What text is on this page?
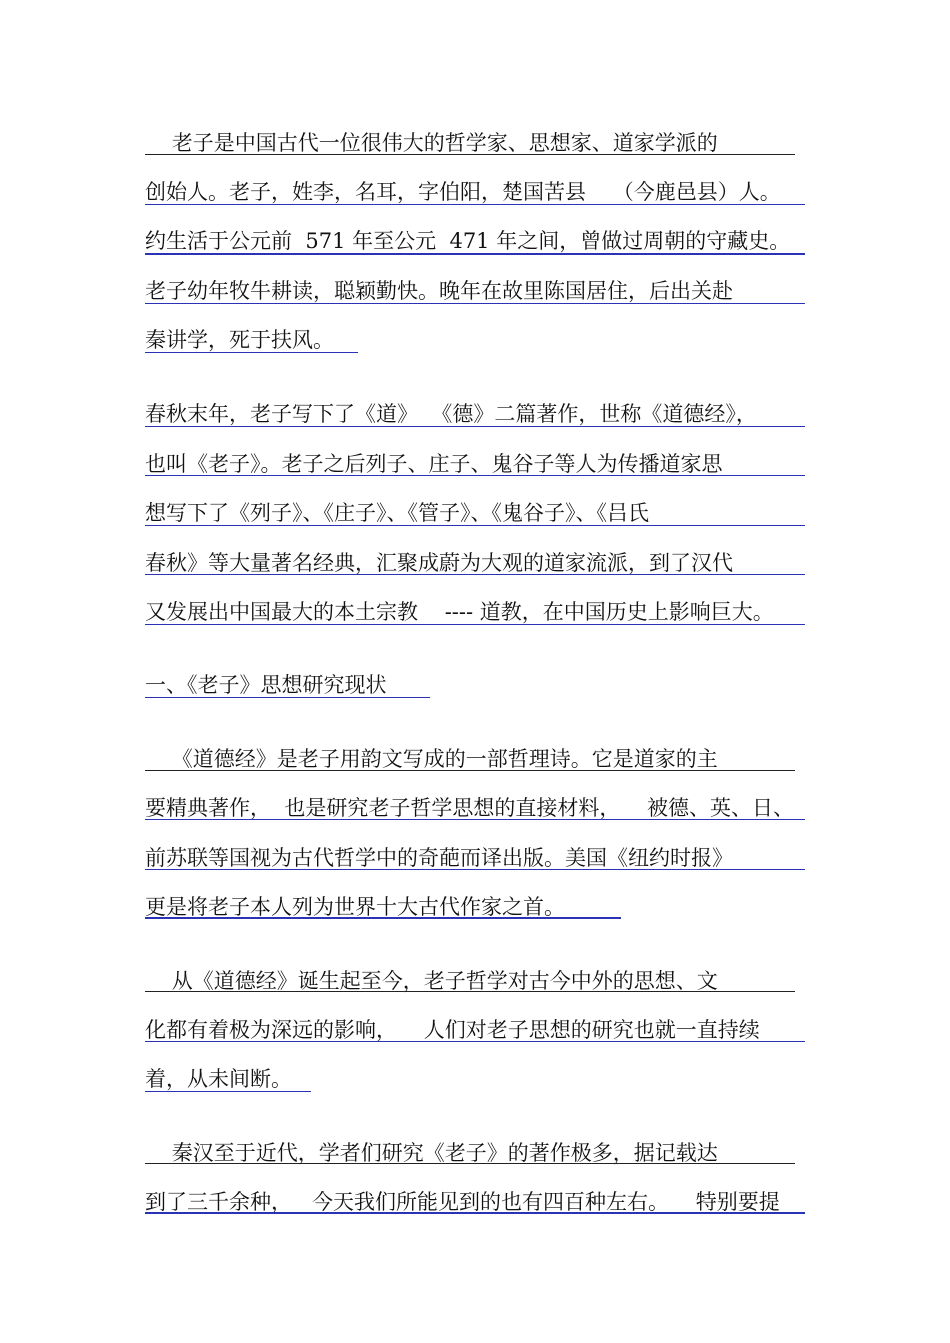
老子是中国古代一位很伟大的哲学家、思想家、道家学派的
创始人。老子，姓李，名耳，字伯阳，楚国苦县    （今鹿邑县）人。
约生活于公元前  571 年至公元  471 年之间，曾做过周朝的守藏史。
老子幼年牧牛耕读，聪颖勤快。晚年在故里陈国居住，后出关赴
秦讲学，死于扶风。
春秋末年，老子写下了《道》  《德》二篇著作，世称《道德经》，
也叫《老子》。老子之后列子、庄子、鬼谷子等人为传播道家思
想写下了《列子》、《庄子》、《管子》、《鬼谷子》、《吕氏
春秋》等大量著名经典，汇聚成蔚为大观的道家流派，到了汉代
又发展出中国最大的本土宗教    ---- 道教，在中国历史上影响巨大。
一、《老子》思想研究现状
《道德经》是老子用韵文写成的一部哲理诗。它是道家的主
要精典著作，  也是研究老子哲学思想的直接材料，    被德、英、日、
前苏联等国视为古代哲学中的奇葩而译出版。美国《纽约时报》
更是将老子本人列为世界十大古代作家之首。
从《道德经》诞生起至今，老子哲学对古今中外的思想、文
化都有着极为深远的影响，    人们对老子思想的研究也就一直持续
着，从未间断。
秦汉至于近代，学者们研究《老子》的著作极多，据记载达
到了三千余种，   今天我们所能见到的也有四百种左右。    特别要提
